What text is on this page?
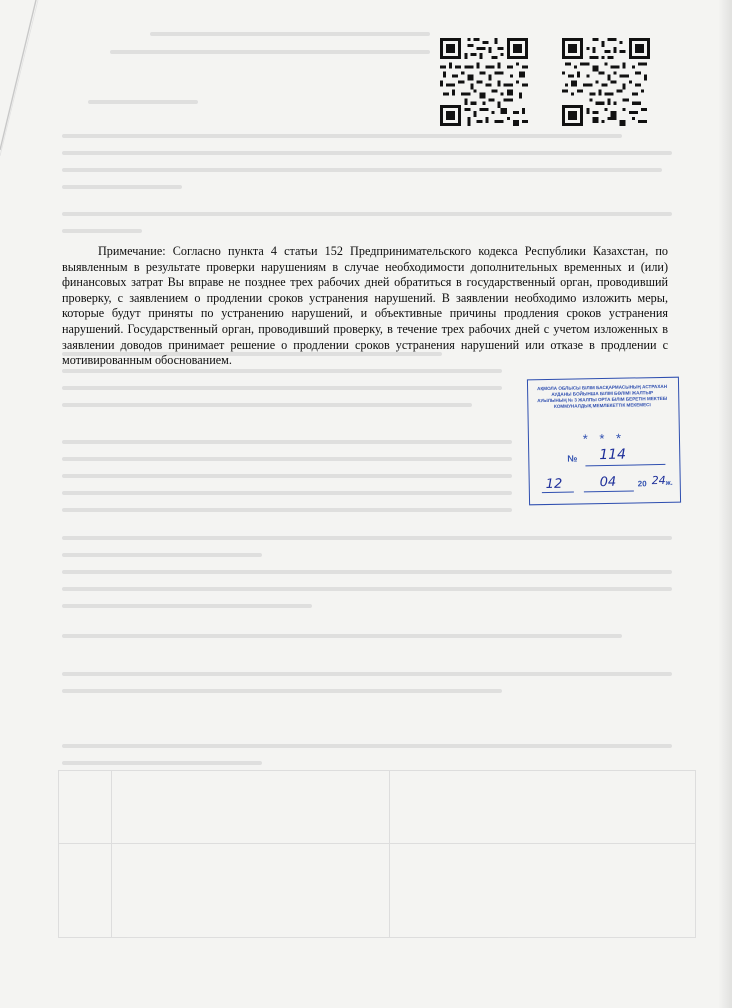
Примечание: Согласно пункта 4 статьи 152 Предпринимательского кодекса Республики Казахстан, по выявленным в результате проверки нарушениям в случае необходимости дополнительных временных и (или) финансовых затрат Вы вправе не позднее трех рабочих дней обратиться в государственный орган, проводивший проверку, с заявлением о продлении сроков устранения нарушений. В заявлении необходимо изложить меры, которые будут приняты по устранению нарушений, и объективные причины продления сроков устранения нарушений. Государственный орган, проводивший проверку, в течение трех рабочих дней с учетом изложенных в заявлении доводов принимает решение о продлении сроков устранения нарушений или отказе в продлении с мотивированным обоснованием.
АҚМОЛА ОБЛЫСЫ БІЛІМ БАСҚАРМАСЫНЫҢ АСТРАХАН АУДАНЫ БОЙЫНША БІЛІМ БӨЛІМІ ЖАЛТЫР АУЫЛЫНЫҢ № 3 ЖАЛПЫ ОРТА БІЛІМ БЕРЕТІН МЕКТЕБІ КОММУНАЛДЫҚ МЕМЛЕКЕТТІК МЕКЕМЕСІ
* * *
№ 114
12	04	20 24 ж.
